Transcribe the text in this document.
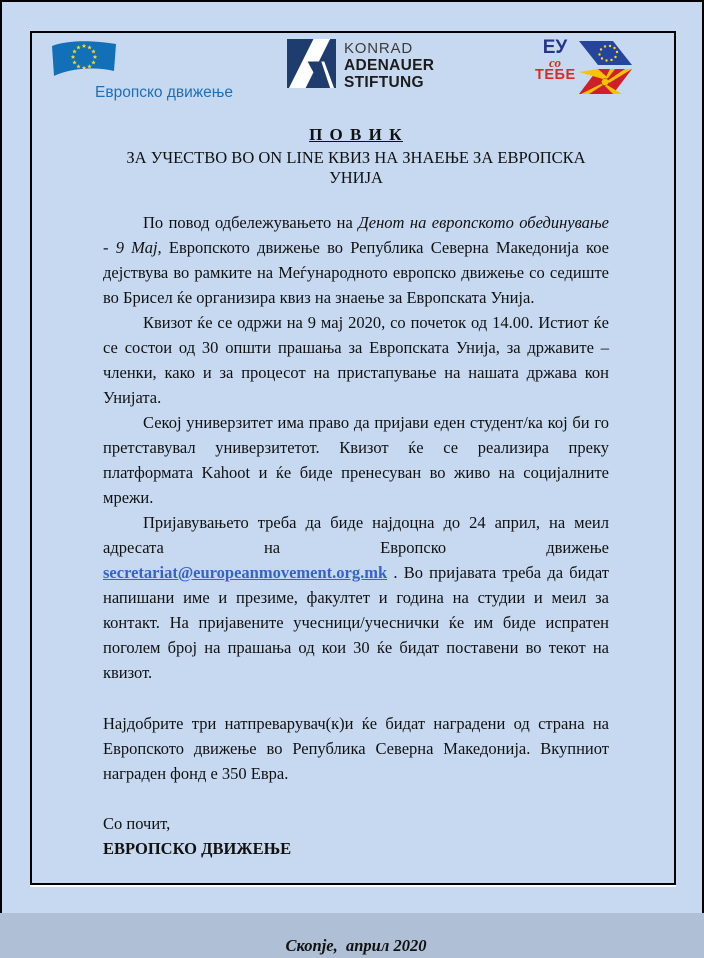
Европско движење
KONRAD
ADENAUER
STIFTUNG
ЕУ
со
ТЕБЕ
П О В И К
ЗА УЧЕСТВО ВО ON LINE КВИЗ НА ЗНАЕЊЕ ЗА ЕВРОПСКА УНИЈА

По повод одбележувањето на Денот на европското обединување - 9 Мај, Европското движење во Република Северна Македонија кое дејствува во рамките на Меѓународното европско движење со седиште во Брисел ќе организира квиз на знаење за Европската Унија.

Квизот ќе се одржи на 9 мај 2020, со почеток од 14.00. Истиот ќе се состои од 30 општи прашања за Европската Унија, за државите – членки, како и за процесот на пристапување на нашата држава кон Унијата.

Секој универзитет има право да пријави еден студент/ка кој би го претставувал универзитетот. Квизот ќе се реализира преку платформата Kahoot и ќе биде пренесуван во живо на социјалните мрежи.

Пријавувањето треба да биде најдоцна до 24 април, на меил адресата на Европско движење secretariat@europeanmovement.org.mk . Во пријавата треба да бидат напишани име и презиме, факултет и година на студии и меил за контакт. На пријавените учесници/учеснички ќе им биде испратен поголем број на прашања од кои 30 ќе бидат поставени во текот на квизот.

Најдобрите три натпреварувач(к)и ќе бидат наградени од страна на Европското движење во Република Северна Македонија. Вкупниот награден фонд е 350 Евра.

Со почит,

ЕВРОПСКО ДВИЖЕЊЕ

Скопје,  април 2020
